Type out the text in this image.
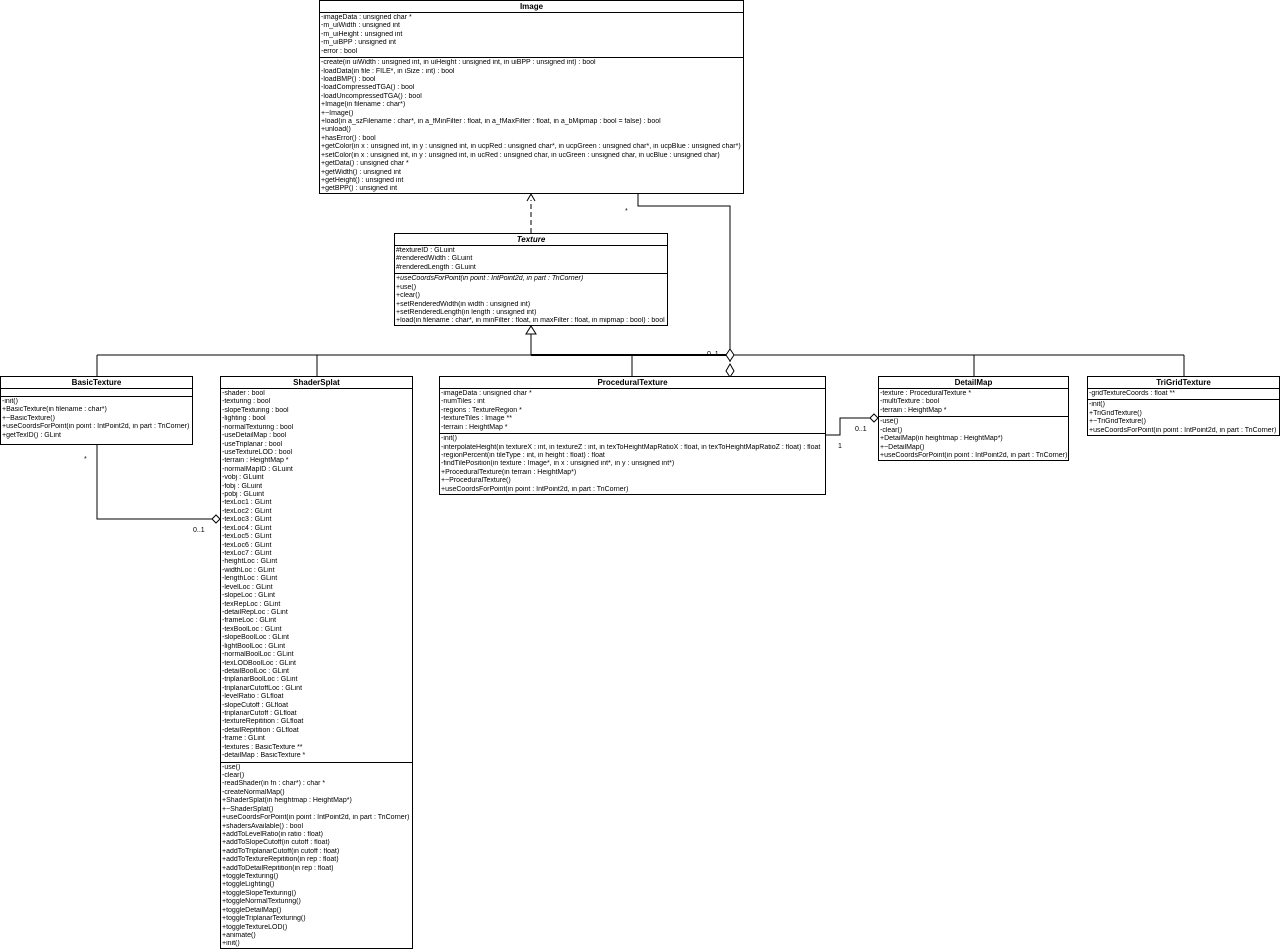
*
0..1
*
0..1
0..1
1
Image
-imageData : unsigned char *
-m_uiWidth : unsigned int
-m_uiHeight : unsigned int
-m_uiBPP : unsigned int
-error : bool
-create(in uiWidth : unsigned int, in uiHeight : unsigned int, in uiBPP : unsigned int) : bool
-loadData(in file : FILE*, in iSize : int) : bool
-loadBMP() : bool
-loadCompressedTGA() : bool
-loadUncompressedTGA() : bool
+Image(in filename : char*)
+~Image()
+load(in a_szFilename : char*, in a_fMinFilter : float, in a_fMaxFilter : float, in a_bMipmap : bool = false) : bool
+unload()
+hasError() : bool
+getColor(in x : unsigned int, in y : unsigned int, in ucpRed : unsigned char*, in ucpGreen : unsigned char*, in ucpBlue : unsigned char*)
+setColor(in x : unsigned int, in y : unsigned int, in ucRed : unsigned char, in ucGreen : unsigned char, in ucBlue : unsigned char)
+getData() : unsigned char *
+getWidth() : unsigned int
+getHeight() : unsigned int
+getBPP() : unsigned int
Texture
#textureID : GLuint
#renderedWidth : GLuint
#renderedLength : GLuint
+useCoordsForPoint(in point : IntPoint2d, in part : TriCorner)
+use()
+clear()
+setRenderedWidth(in width : unsigned int)
+setRenderedLength(in length : unsigned int)
+load(in filename : char*, in minFilter : float, in maxFilter : float, in mipmap : bool) : bool
BasicTexture
-init()
+BasicTexture(in filename : char*)
+~BasicTexture()
+useCoordsForPoint(in point : IntPoint2d, in part : TriCorner)
+getTexID() : GLint
ShaderSplat
-shader : bool
-texturing : bool
-slopeTexturing : bool
-lighting : bool
-normalTexturing : bool
-useDetailMap : bool
-useTriplanar : bool
-useTextureLOD : bool
-terrain : HeightMap *
-normalMapID : GLuint
-vobj : GLuint
-fobj : GLuint
-pobj : GLuint
-texLoc1 : GLint
-texLoc2 : GLint
-texLoc3 : GLint
-texLoc4 : GLint
-texLoc5 : GLint
-texLoc6 : GLint
-texLoc7 : GLint
-heightLoc : GLint
-widthLoc : GLint
-lengthLoc : GLint
-levelLoc : GLint
-slopeLoc : GLint
-texRepLoc : GLint
-detailRepLoc : GLint
-frameLoc : GLint
-texBoolLoc : GLint
-slopeBoolLoc : GLint
-lightBoolLoc : GLint
-normalBoolLoc : GLint
-texLODBoolLoc : GLint
-detailBoolLoc : GLint
-triplanarBoolLoc : GLint
-triplanarCutoffLoc : GLint
-levelRatio : GLfloat
-slopeCutoff : GLfloat
-triplanarCutoff : GLfloat
-textureRepitition : GLfloat
-detailRepitition : GLfloat
-frame : GLint
-textures : BasicTexture **
-detailMap : BasicTexture *
-use()
-clear()
-readShader(in fn : char*) : char *
-createNormalMap()
+ShaderSplat(in heightmap : HeightMap*)
+~ShaderSplat()
+useCoordsForPoint(in point : IntPoint2d, in part : TriCorner)
+shadersAvailable() : bool
+addToLevelRatio(in ratio : float)
+addToSlopeCutoff(in cutoff : float)
+addToTriplanarCutoff(in cutoff : float)
+addToTextureRepitition(in rep : float)
+addToDetailRepitition(in rep : float)
+toggleTexturing()
+toggleLighting()
+toggleSlopeTexturing()
+toggleNormalTexturing()
+toggleDetailMap()
+toggleTriplanarTexturing()
+toggleTextureLOD()
+animate()
+init()
ProceduralTexture
-imageData : unsigned char *
-numTiles : int
-regions : TextureRegion *
-textureTiles : Image **
-terrain : HeightMap *
-init()
-interpolateHeight(in textureX : int, in textureZ : int, in texToHeightMapRatioX : float, in texToHeightMapRatioZ : float) : float
-regionPercent(in tileType : int, in height : float) : float
-findTilePosition(in texture : Image*, in x : unsigned int*, in y : unsigned int*)
+ProceduralTexture(in terrain : HeightMap*)
+~ProceduralTexture()
+useCoordsForPoint(in point : IntPoint2d, in part : TriCorner)
DetailMap
-texture : ProceduralTexture *
-multiTexture : bool
-terrain : HeightMap *
-use()
-clear()
+DetailMap(in heightmap : HeightMap*)
+~DetailMap()
+useCoordsForPoint(in point : IntPoint2d, in part : TriCorner)
TriGridTexture
-gridTextureCoords : float **
-init()
+TriGridTexture()
+~TriGridTexture()
+useCoordsForPoint(in point : IntPoint2d, in part : TriCorner)
